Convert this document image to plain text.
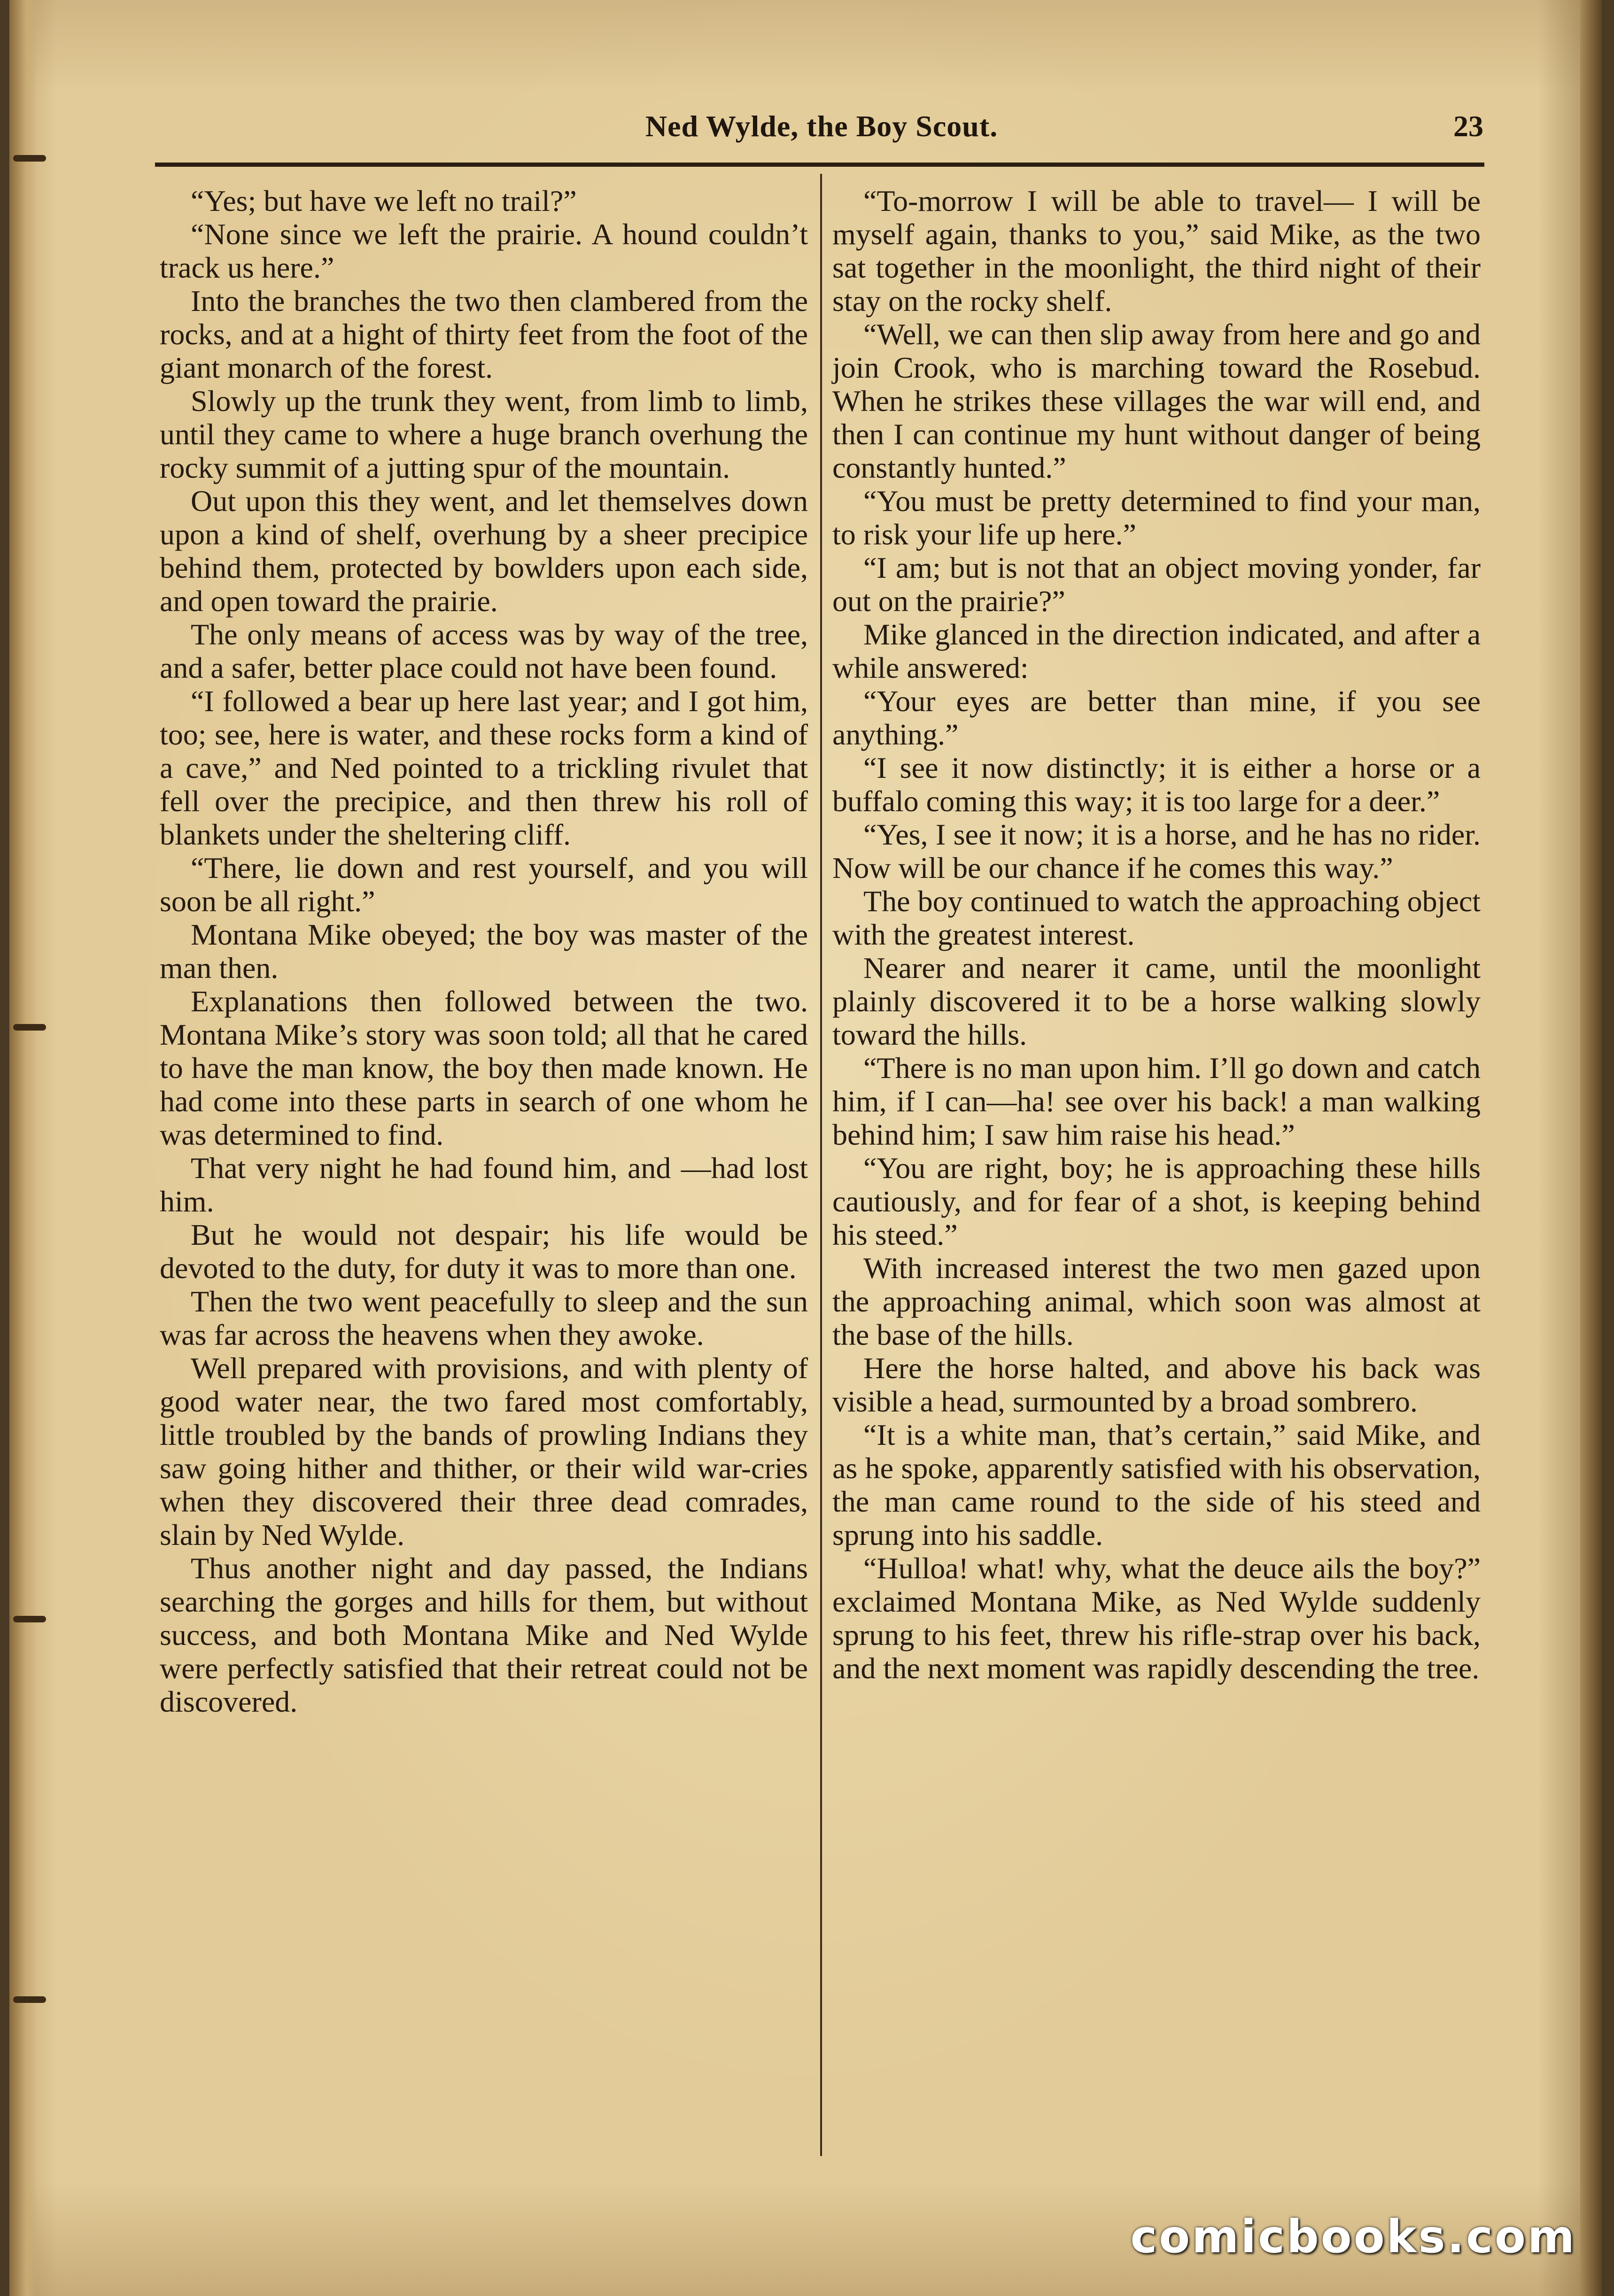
Ned Wylde, the Boy Scout.	23

“Yes; but have we left no trail?”

“None since we left the prairie. A hound couldn’t track us here.”

Into the branches the two then clambered from the rocks, and at a hight of thirty feet from the foot of the giant monarch of the forest.

Slowly up the trunk they went, from limb to limb, until they came to where a huge branch overhung the rocky summit of a jutting spur of the mountain.

Out upon this they went, and let themselves down upon a kind of shelf, overhung by a sheer precipice behind them, protected by bowlders upon each side, and open toward the prairie.

The only means of access was by way of the tree, and a safer, better place could not have been found.

“I followed a bear up here last year; and I got him, too; see, here is water, and these rocks form a kind of a cave,” and Ned pointed to a trickling rivulet that fell over the precipice, and then threw his roll of blankets under the sheltering cliff.

“There, lie down and rest yourself, and you will soon be all right.”

Montana Mike obeyed; the boy was master of the man then.

Explanations then followed between the two. Montana Mike’s story was soon told; all that he cared to have the man know, the boy then made known. He had come into these parts in search of one whom he was determined to find.

That very night he had found him, and —had lost him.

But he would not despair; his life would be devoted to the duty, for duty it was to more than one.

Then the two went peacefully to sleep and the sun was far across the heavens when they awoke.

Well prepared with provisions, and with plenty of good water near, the two fared most comfortably, little troubled by the bands of prowling Indians they saw going hither and thither, or their wild war-cries when they discovered their three dead comrades, slain by Ned Wylde.

Thus another night and day passed, the Indians searching the gorges and hills for them, but without success, and both Montana Mike and Ned Wylde were perfectly satisfied that their retreat could not be discovered.

“To-morrow I will be able to travel— I will be myself again, thanks to you,” said Mike, as the two sat together in the moonlight, the third night of their stay on the rocky shelf.

“Well, we can then slip away from here and go and join Crook, who is marching toward the Rosebud. When he strikes these villages the war will end, and then I can continue my hunt without danger of being constantly hunted.”

“You must be pretty determined to find your man, to risk your life up here.”

“I am; but is not that an object moving yonder, far out on the prairie?”

Mike glanced in the direction indicated, and after a while answered:

“Your eyes are better than mine, if you see anything.”

“I see it now distinctly; it is either a horse or a buffalo coming this way; it is too large for a deer.”

“Yes, I see it now; it is a horse, and he has no rider. Now will be our chance if he comes this way.”

The boy continued to watch the approaching object with the greatest interest.

Nearer and nearer it came, until the moonlight plainly discovered it to be a horse walking slowly toward the hills.

“There is no man upon him. I’ll go down and catch him, if I can—ha! see over his back! a man walking behind him; I saw him raise his head.”

“You are right, boy; he is approaching these hills cautiously, and for fear of a shot, is keeping behind his steed.”

With increased interest the two men gazed upon the approaching animal, which soon was almost at the base of the hills.

Here the horse halted, and above his back was visible a head, surmounted by a broad sombrero.

“It is a white man, that’s certain,” said Mike, and as he spoke, apparently satisfied with his observation, the man came round to the side of his steed and sprung into his saddle.

“Hulloa! what! why, what the deuce ails the boy?” exclaimed Montana Mike, as Ned Wylde suddenly sprung to his feet, threw his rifle-strap over his back, and the next moment was rapidly descending the tree.

comicbooks.com
